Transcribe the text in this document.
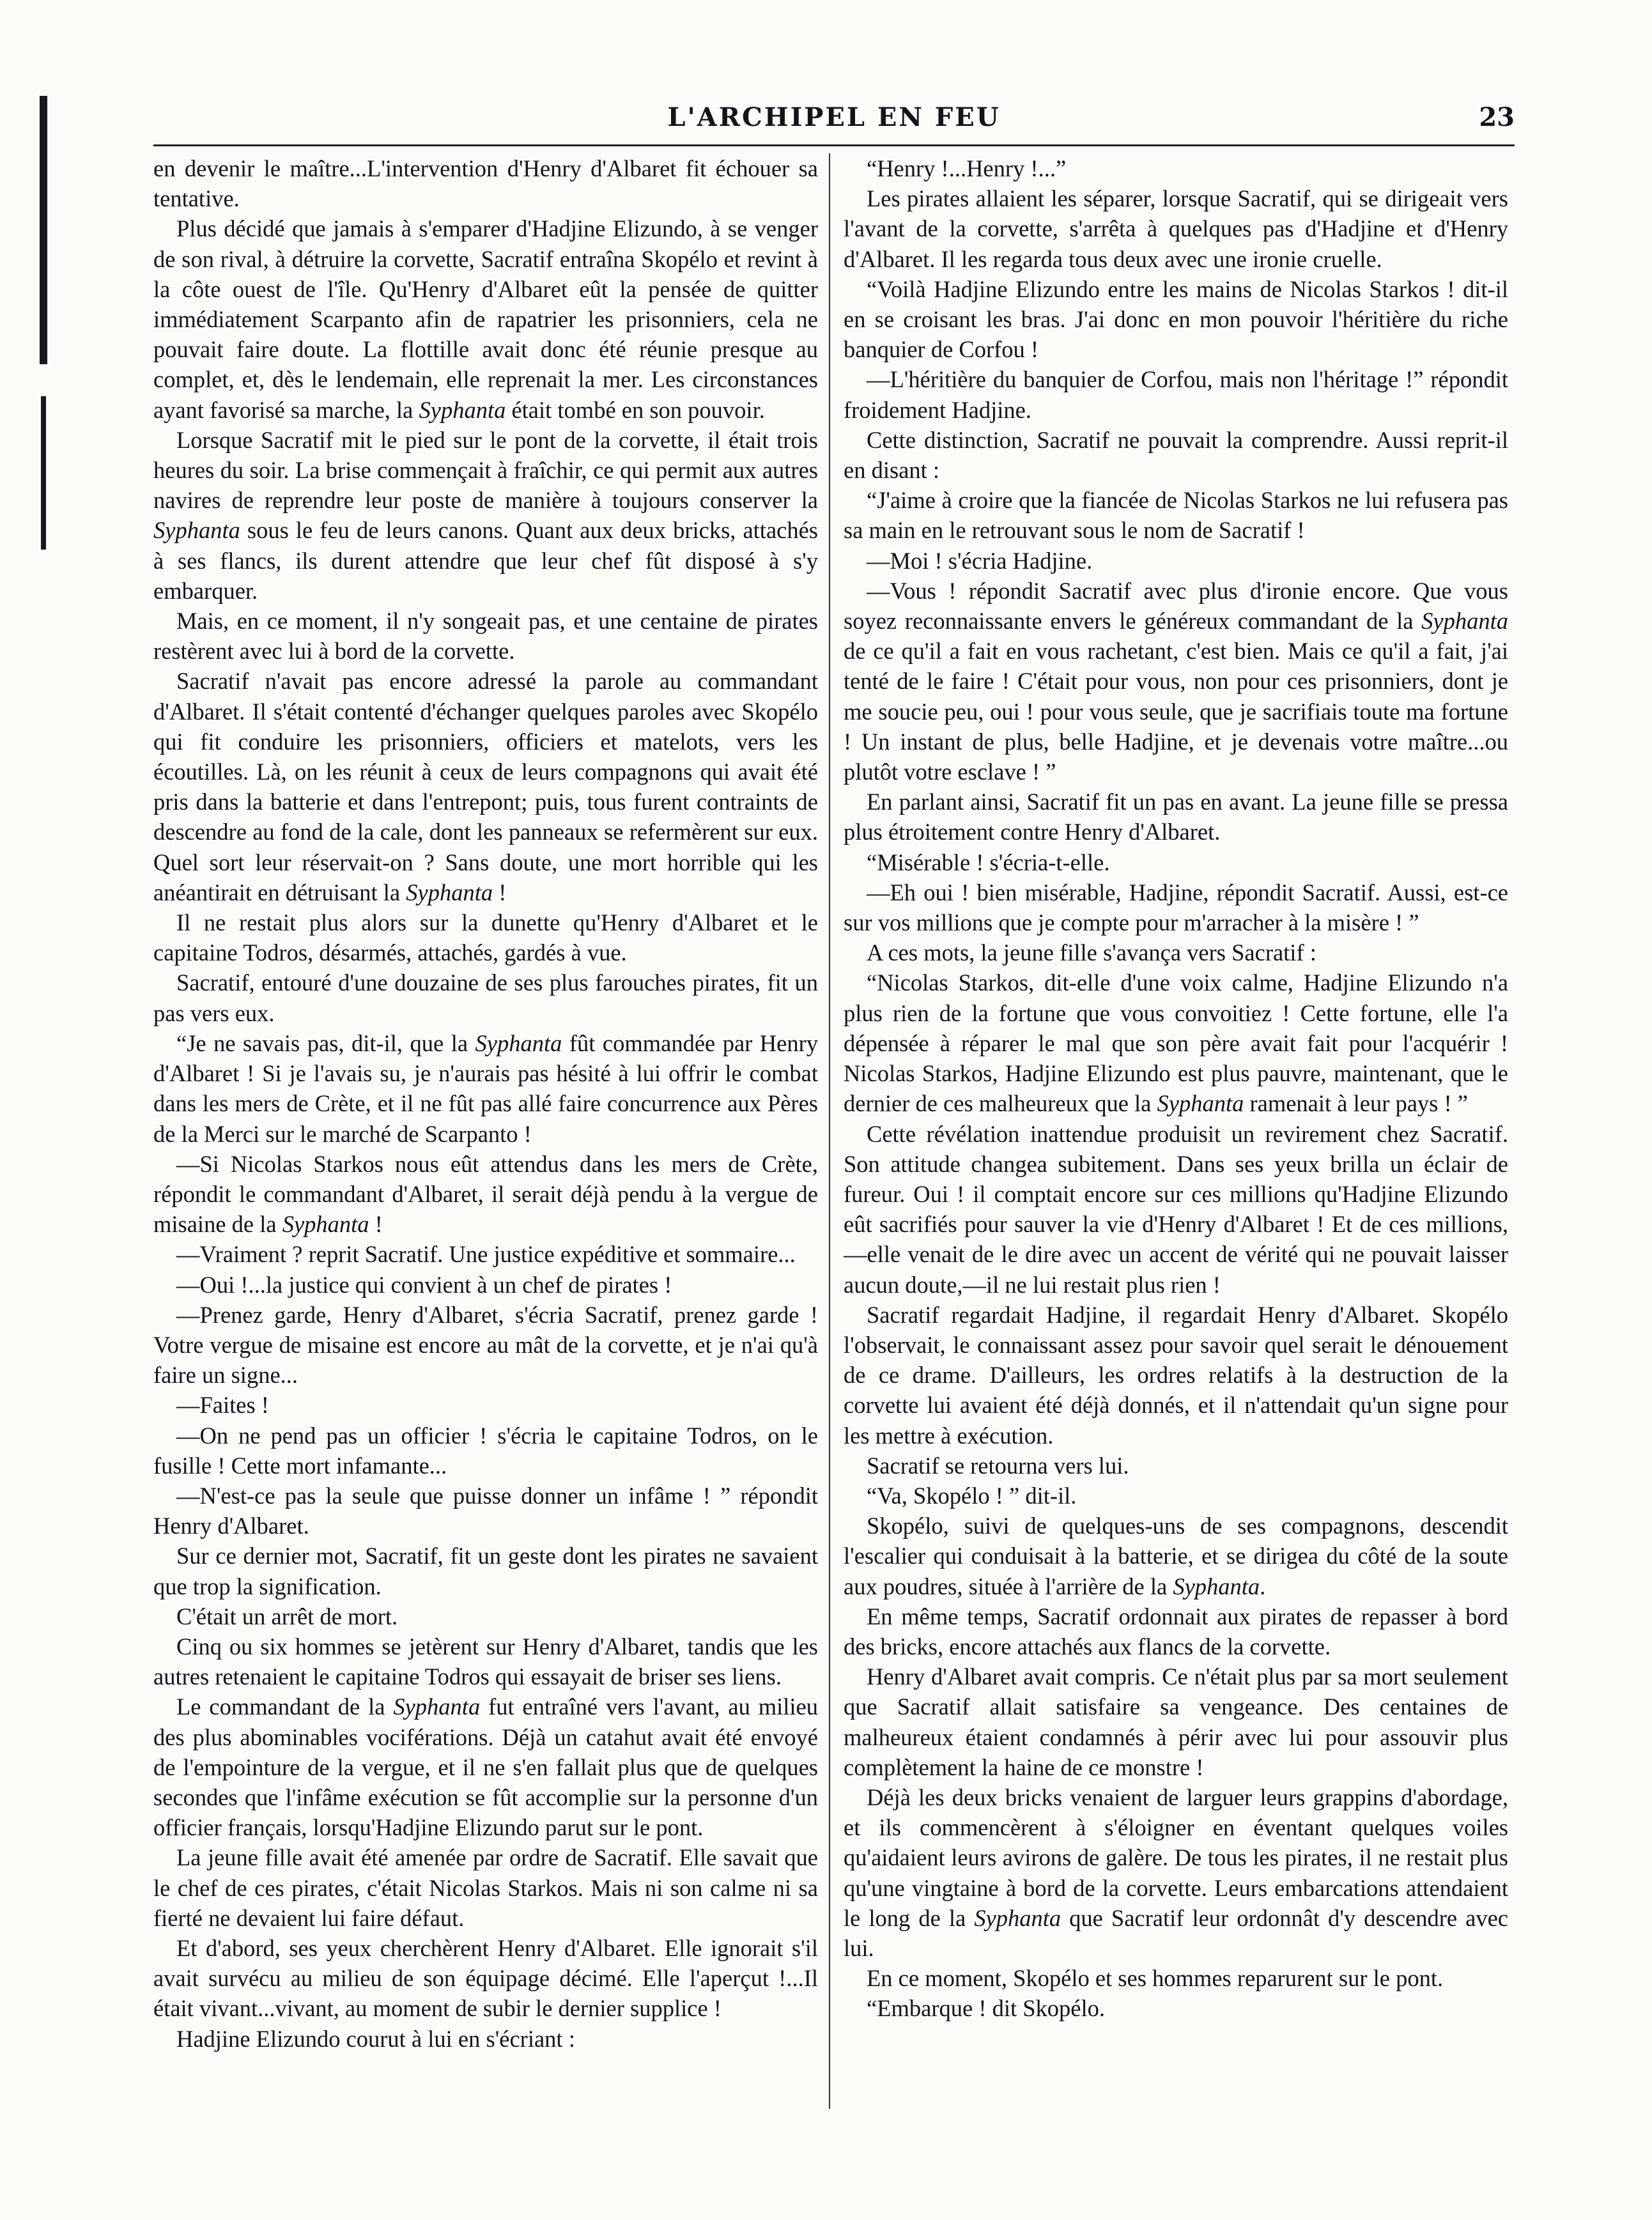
L'ARCHIPEL EN FEU	23

en devenir le maître...L'intervention d'Henry d'Albaret fit échouer sa tentative.

Plus décidé que jamais à s'emparer d'Hadjine Elizundo, à se venger de son rival, à détruire la corvette, Sacratif entraîna Skopélo et revint à la côte ouest de l'île. Qu'Henry d'Albaret eût la pensée de quitter immédiatement Scarpanto afin de rapatrier les prisonniers, cela ne pouvait faire doute. La flottille avait donc été réunie presque au complet, et, dès le lendemain, elle reprenait la mer. Les circonstances ayant favorisé sa marche, la Syphanta était tombé en son pouvoir.

Lorsque Sacratif mit le pied sur le pont de la corvette, il était trois heures du soir. La brise commençait à fraîchir, ce qui permit aux autres navires de reprendre leur poste de manière à toujours conserver la Syphanta sous le feu de leurs canons. Quant aux deux bricks, attachés à ses flancs, ils durent attendre que leur chef fût disposé à s'y embarquer.

Mais, en ce moment, il n'y songeait pas, et une centaine de pirates restèrent avec lui à bord de la corvette.

Sacratif n'avait pas encore adressé la parole au commandant d'Albaret. Il s'était contenté d'échanger quelques paroles avec Skopélo qui fit conduire les prisonniers, officiers et matelots, vers les écoutilles. Là, on les réunit à ceux de leurs compagnons qui avait été pris dans la batterie et dans l'entrepont; puis, tous furent contraints de descendre au fond de la cale, dont les panneaux se refermèrent sur eux. Quel sort leur réservait-on ? Sans doute, une mort horrible qui les anéantirait en détruisant la Syphanta !

Il ne restait plus alors sur la dunette qu'Henry d'Albaret et le capitaine Todros, désarmés, attachés, gardés à vue.

Sacratif, entouré d'une douzaine de ses plus farouches pirates, fit un pas vers eux.

“Je ne savais pas, dit-il, que la Syphanta fût commandée par Henry d'Albaret ! Si je l'avais su, je n'aurais pas hésité à lui offrir le combat dans les mers de Crète, et il ne fût pas allé faire concurrence aux Pères de la Merci sur le marché de Scarpanto !

—Si Nicolas Starkos nous eût attendus dans les mers de Crète, répondit le commandant d'Albaret, il serait déjà pendu à la vergue de misaine de la Syphanta !

—Vraiment ? reprit Sacratif. Une justice expéditive et sommaire...

—Oui !...la justice qui convient à un chef de pirates !

—Prenez garde, Henry d'Albaret, s'écria Sacratif, prenez garde ! Votre vergue de misaine est encore au mât de la corvette, et je n'ai qu'à faire un signe...

—Faites !

—On ne pend pas un officier ! s'écria le capitaine Todros, on le fusille ! Cette mort infamante...

—N'est-ce pas la seule que puisse donner un infâme ! ” répondit Henry d'Albaret.

Sur ce dernier mot, Sacratif, fit un geste dont les pirates ne savaient que trop la signification.

C'était un arrêt de mort.

Cinq ou six hommes se jetèrent sur Henry d'Albaret, tandis que les autres retenaient le capitaine Todros qui essayait de briser ses liens.

Le commandant de la Syphanta fut entraîné vers l'avant, au milieu des plus abominables vociférations. Déjà un catahut avait été envoyé de l'empointure de la vergue, et il ne s'en fallait plus que de quelques secondes que l'infâme exécution se fût accomplie sur la personne d'un officier français, lorsqu'Hadjine Elizundo parut sur le pont.

La jeune fille avait été amenée par ordre de Sacratif. Elle savait que le chef de ces pirates, c'était Nicolas Starkos. Mais ni son calme ni sa fierté ne devaient lui faire défaut.

Et d'abord, ses yeux cherchèrent Henry d'Albaret. Elle ignorait s'il avait survécu au milieu de son équipage décimé. Elle l'aperçut !...Il était vivant...vivant, au moment de subir le dernier supplice !

Hadjine Elizundo courut à lui en s'écriant :

“Henry !...Henry !...”

Les pirates allaient les séparer, lorsque Sacratif, qui se dirigeait vers l'avant de la corvette, s'arrêta à quelques pas d'Hadjine et d'Henry d'Albaret. Il les regarda tous deux avec une ironie cruelle.

“Voilà Hadjine Elizundo entre les mains de Nicolas Starkos ! dit-il en se croisant les bras. J'ai donc en mon pouvoir l'héritière du riche banquier de Corfou !

—L'héritière du banquier de Corfou, mais non l'héritage !” répondit froidement Hadjine.

Cette distinction, Sacratif ne pouvait la comprendre. Aussi reprit-il en disant :

“J'aime à croire que la fiancée de Nicolas Starkos ne lui refusera pas sa main en le retrouvant sous le nom de Sacratif !

—Moi ! s'écria Hadjine.

—Vous ! répondit Sacratif avec plus d'ironie encore. Que vous soyez reconnaissante envers le généreux commandant de la Syphanta de ce qu'il a fait en vous rachetant, c'est bien. Mais ce qu'il a fait, j'ai tenté de le faire ! C'était pour vous, non pour ces prisonniers, dont je me soucie peu, oui ! pour vous seule, que je sacrifiais toute ma fortune ! Un instant de plus, belle Hadjine, et je devenais votre maître...ou plutôt votre esclave ! ”

En parlant ainsi, Sacratif fit un pas en avant. La jeune fille se pressa plus étroitement contre Henry d'Albaret.

“Misérable ! s'écria-t-elle.

—Eh oui ! bien misérable, Hadjine, répondit Sacratif. Aussi, est-ce sur vos millions que je compte pour m'arracher à la misère ! ”

A ces mots, la jeune fille s'avança vers Sacratif :

“Nicolas Starkos, dit-elle d'une voix calme, Hadjine Elizundo n'a plus rien de la fortune que vous convoitiez ! Cette fortune, elle l'a dépensée à réparer le mal que son père avait fait pour l'acquérir ! Nicolas Starkos, Hadjine Elizundo est plus pauvre, maintenant, que le dernier de ces malheureux que la Syphanta ramenait à leur pays ! ”

Cette révélation inattendue produisit un revirement chez Sacratif. Son attitude changea subitement. Dans ses yeux brilla un éclair de fureur. Oui ! il comptait encore sur ces millions qu'Hadjine Elizundo eût sacrifiés pour sauver la vie d'Henry d'Albaret ! Et de ces millions,—elle venait de le dire avec un accent de vérité qui ne pouvait laisser aucun doute,—il ne lui restait plus rien !

Sacratif regardait Hadjine, il regardait Henry d'Albaret. Skopélo l'observait, le connaissant assez pour savoir quel serait le dénouement de ce drame. D'ailleurs, les ordres relatifs à la destruction de la corvette lui avaient été déjà donnés, et il n'attendait qu'un signe pour les mettre à exécution.

Sacratif se retourna vers lui.

“Va, Skopélo ! ” dit-il.

Skopélo, suivi de quelques-uns de ses compagnons, descendit l'escalier qui conduisait à la batterie, et se dirigea du côté de la soute aux poudres, située à l'arrière de la Syphanta.

En même temps, Sacratif ordonnait aux pirates de repasser à bord des bricks, encore attachés aux flancs de la corvette.

Henry d'Albaret avait compris. Ce n'était plus par sa mort seulement que Sacratif allait satisfaire sa vengeance. Des centaines de malheureux étaient condamnés à périr avec lui pour assouvir plus complètement la haine de ce monstre !

Déjà les deux bricks venaient de larguer leurs grappins d'abordage, et ils commencèrent à s'éloigner en éventant quelques voiles qu'aidaient leurs avirons de galère. De tous les pirates, il ne restait plus qu'une vingtaine à bord de la corvette. Leurs embarcations attendaient le long de la Syphanta que Sacratif leur ordonnât d'y descendre avec lui.

En ce moment, Skopélo et ses hommes reparurent sur le pont.

“Embarque ! dit Skopélo.
